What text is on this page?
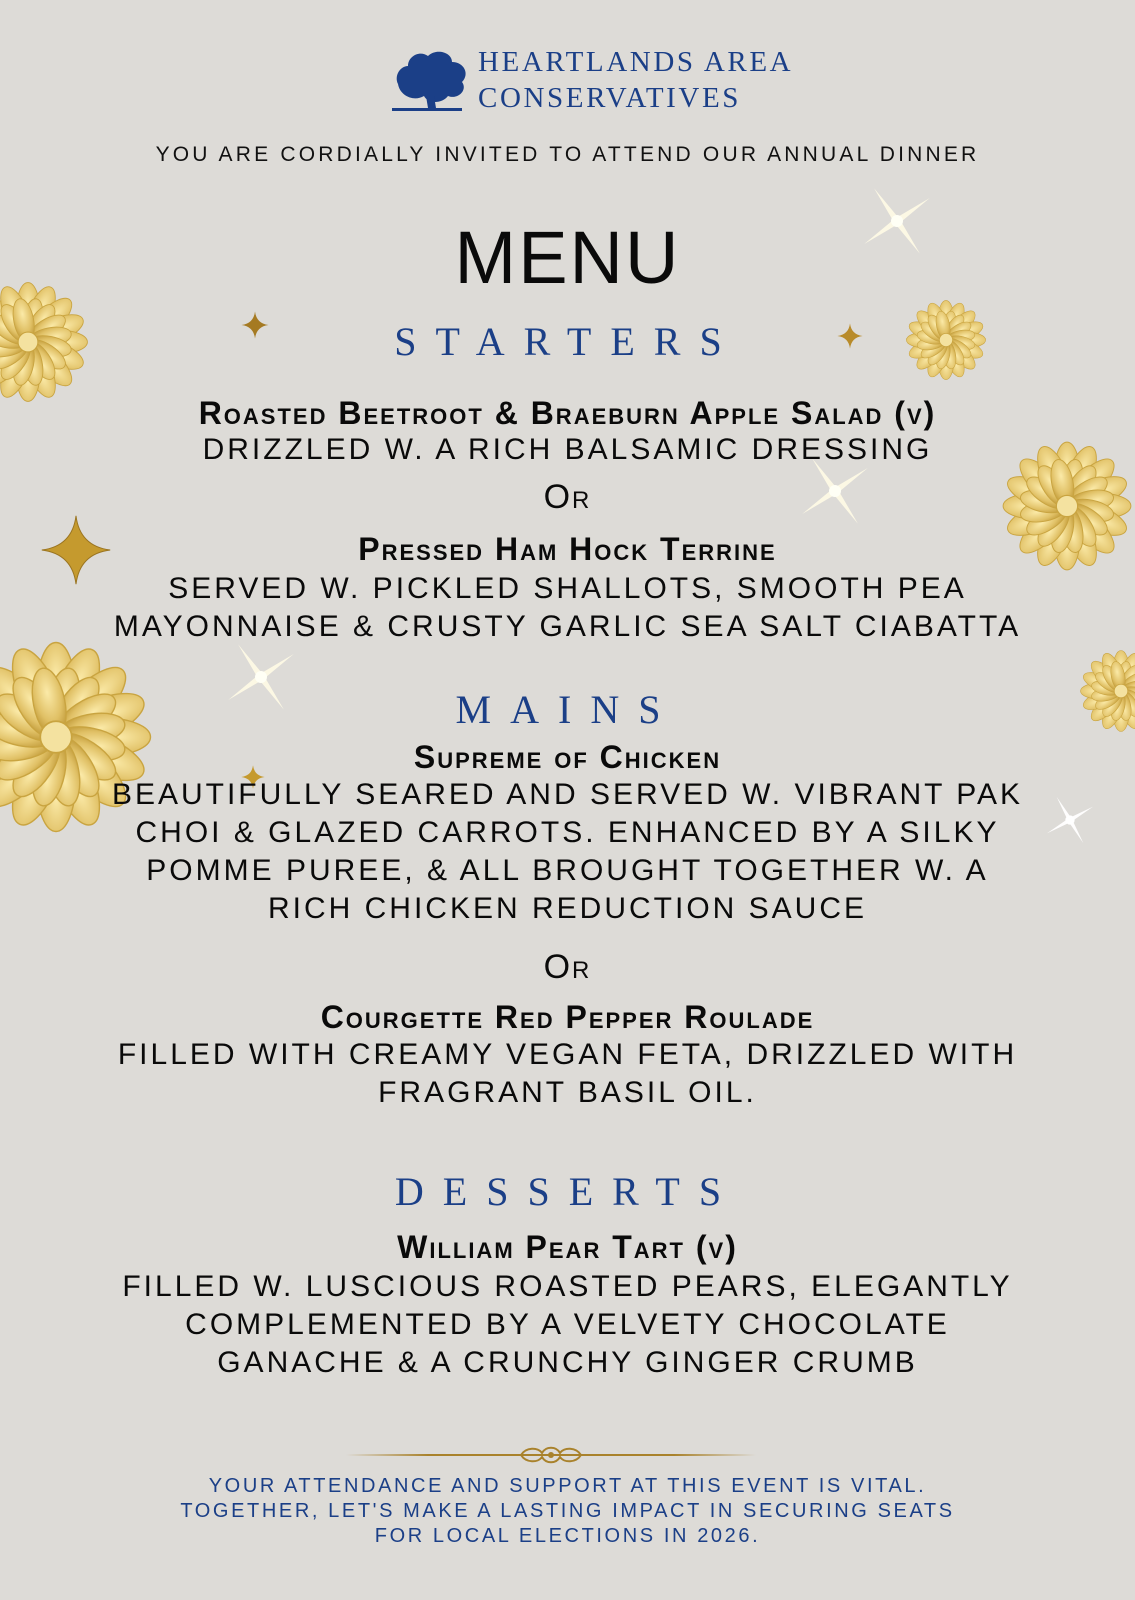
HEARTLANDS AREA
CONSERVATIVES
YOU ARE CORDIALLY INVITED TO ATTEND OUR ANNUAL DINNER
MENU
STARTERS
Roasted Beetroot & Braeburn Apple Salad (v)
DRIZZLED W. A RICH BALSAMIC DRESSING
Or
Pressed Ham Hock Terrine
SERVED W. PICKLED SHALLOTS, SMOOTH PEA
MAYONNAISE & CRUSTY GARLIC SEA SALT CIABATTA
MAINS
Supreme of Chicken
BEAUTIFULLY SEARED AND SERVED W. VIBRANT PAK
CHOI & GLAZED CARROTS. ENHANCED BY A SILKY
POMME PUREE, & ALL BROUGHT TOGETHER W. A
RICH CHICKEN REDUCTION SAUCE
Or
Courgette Red Pepper Roulade
FILLED WITH CREAMY VEGAN FETA, DRIZZLED WITH
FRAGRANT BASIL OIL.
DESSERTS
William Pear Tart (v)
FILLED W. LUSCIOUS ROASTED PEARS, ELEGANTLY
COMPLEMENTED BY A VELVETY CHOCOLATE
GANACHE & A CRUNCHY GINGER CRUMB
YOUR ATTENDANCE AND SUPPORT AT THIS EVENT IS VITAL.
TOGETHER, LET'S MAKE A LASTING IMPACT IN SECURING SEATS
FOR LOCAL ELECTIONS IN 2026.
